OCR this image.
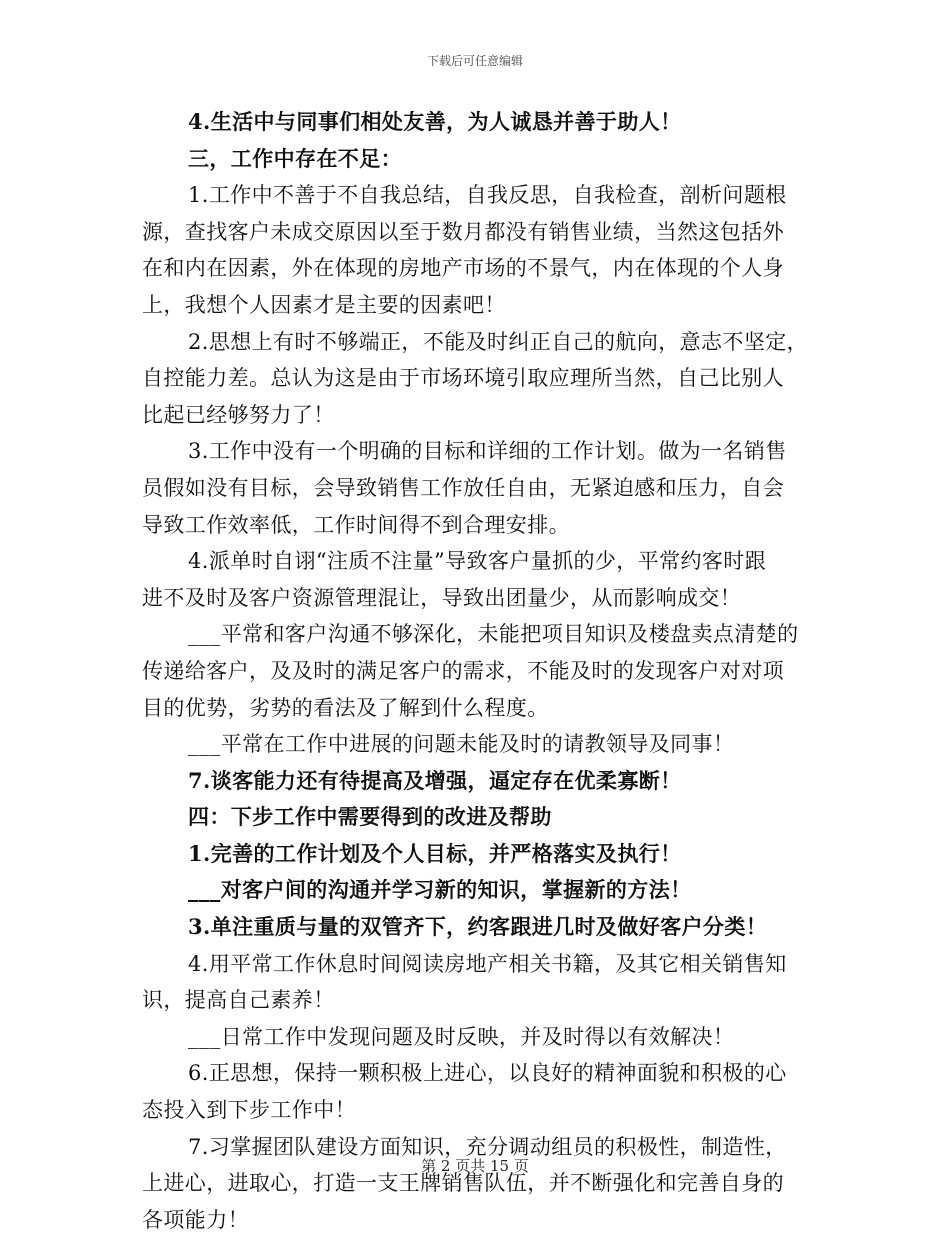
下载后可任意编辑
4.生活中与同事们相处友善，为人诚恳并善于助人！
三，工作中存在不足：
1.工作中不善于不自我总结，自我反思，自我检查，剖析问题根
源，查找客户未成交原因以至于数月都没有销售业绩，当然这包括外
在和内在因素，外在体现的房地产市场的不景气，内在体现的个人身
上，我想个人因素才是主要的因素吧！
2.思想上有时不够端正，不能及时纠正自己的航向，意志不坚定，
自控能力差。总认为这是由于市场环境引取应理所当然，自己比别人
比起已经够努力了！
3.工作中没有一个明确的目标和详细的工作计划。做为一名销售
员假如没有目标，会导致销售工作放任自由，无紧迫感和压力，自会
导致工作效率低，工作时间得不到合理安排。
4.派单时自诩“注质不注量”导致客户量抓的少，平常约客时跟
进不及时及客户资源管理混让，导致出团量少，从而影响成交！
___平常和客户沟通不够深化，未能把项目知识及楼盘卖点清楚的
传递给客户，及及时的满足客户的需求，不能及时的发现客户对对项
目的优势，劣势的看法及了解到什么程度。
___平常在工作中进展的问题未能及时的请教领导及同事！
7.谈客能力还有待提高及增强，逼定存在优柔寡断！
四：下步工作中需要得到的改进及帮助
1.完善的工作计划及个人目标，并严格落实及执行！
___对客户间的沟通并学习新的知识，掌握新的方法！
3.单注重质与量的双管齐下，约客跟进几时及做好客户分类！
4.用平常工作休息时间阅读房地产相关书籍，及其它相关销售知
识，提高自己素养！
___日常工作中发现问题及时反映，并及时得以有效解决！
6.正思想，保持一颗积极上进心，以良好的精神面貌和积极的心
态投入到下步工作中！
7.习掌握团队建设方面知识，充分调动组员的积极性，制造性，
上进心，进取心，打造一支王牌销售队伍，并不断强化和完善自身的
各项能力！
第 2 页共 15 页
